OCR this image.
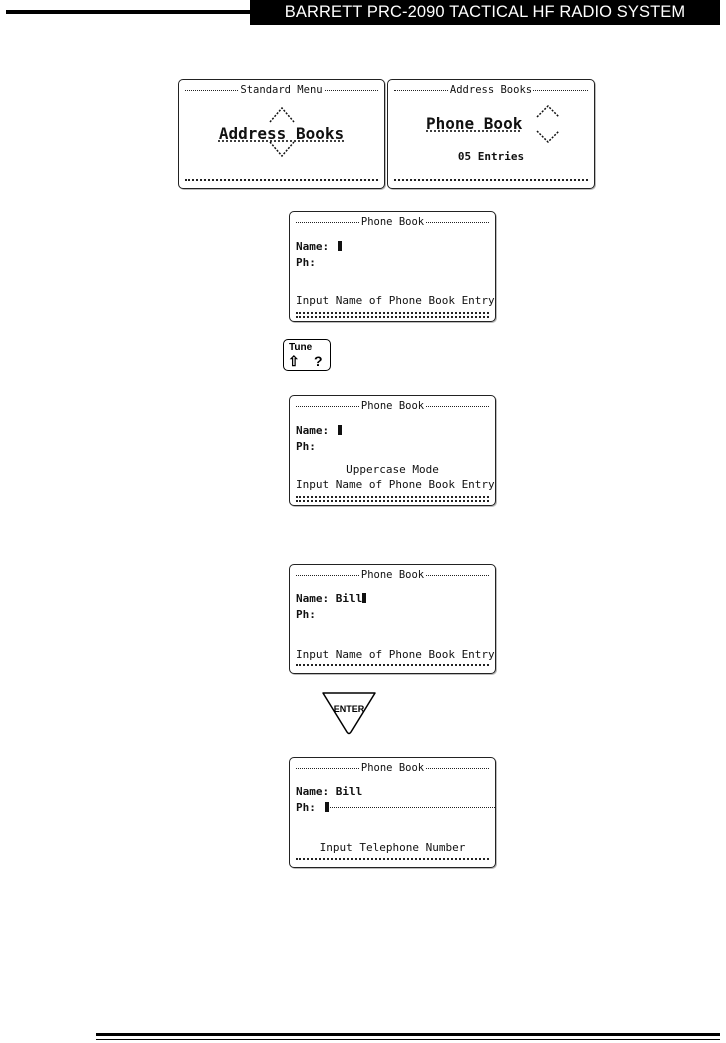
BARRETT PRC-2090 TACTICAL HF RADIO SYSTEM
Standard Menu
Address Books
Address Books
Phone Book
05 Entries
Phone Book
Name:
Ph:
Input Name of Phone Book Entry
Tune
⇧ ?
Phone Book
Name:
Ph:
Uppercase Mode
Input Name of Phone Book Entry
Phone Book
Name: Bill
Ph:
Input Name of Phone Book Entry
ENTER
Phone Book
Name: Bill
Ph:
Input Telephone Number
